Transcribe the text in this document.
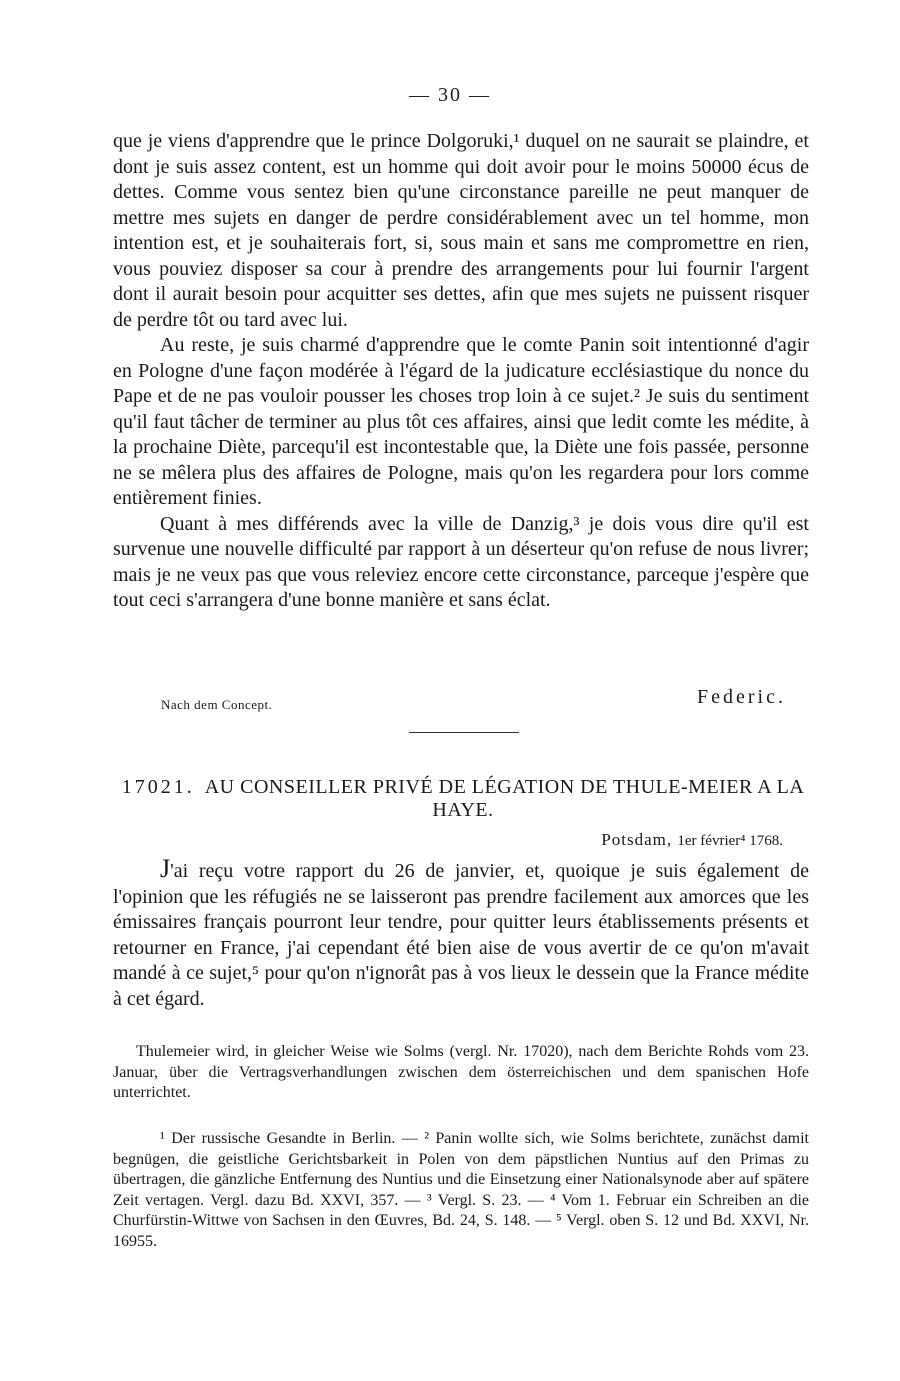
— 30 —

que je viens d'apprendre que le prince Dolgoruki,¹ duquel on ne saurait se plaindre, et dont je suis assez content, est un homme qui doit avoir pour le moins 50000 écus de dettes. Comme vous sentez bien qu'une circonstance pareille ne peut manquer de mettre mes sujets en danger de perdre considérablement avec un tel homme, mon intention est, et je souhaiterais fort, si, sous main et sans me compromettre en rien, vous pouviez disposer sa cour à prendre des arrangements pour lui fournir l'argent dont il aurait besoin pour acquitter ses dettes, afin que mes sujets ne puissent risquer de perdre tôt ou tard avec lui.

Au reste, je suis charmé d'apprendre que le comte Panin soit intentionné d'agir en Pologne d'une façon modérée à l'égard de la judicature ecclésiastique du nonce du Pape et de ne pas vouloir pousser les choses trop loin à ce sujet.² Je suis du sentiment qu'il faut tâcher de terminer au plus tôt ces affaires, ainsi que ledit comte les médite, à la prochaine Diète, parcequ'il est incontestable que, la Diète une fois passée, personne ne se mêlera plus des affaires de Pologne, mais qu'on les regardera pour lors comme entièrement finies.

Quant à mes différends avec la ville de Danzig,³ je dois vous dire qu'il est survenue une nouvelle difficulté par rapport à un déserteur qu'on refuse de nous livrer; mais je ne veux pas que vous releviez encore cette circonstance, parceque j'espère que tout ceci s'arrangera d'une bonne manière et sans éclat.

Nach dem Concept.	Federic.
17021. AU CONSEILLER PRIVÉ DE LÉGATION DE THULE-MEIER A LA HAYE.
Potsdam, 1er février⁴ 1768.

J'ai reçu votre rapport du 26 de janvier, et, quoique je suis également de l'opinion que les réfugiés ne se laisseront pas prendre facilement aux amorces que les émissaires français pourront leur tendre, pour quitter leurs établissements présents et retourner en France, j'ai cependant été bien aise de vous avertir de ce qu'on m'avait mandé à ce sujet,⁵ pour qu'on n'ignorât pas à vos lieux le dessein que la France médite à cet égard.

Thulemeier wird, in gleicher Weise wie Solms (vergl. Nr. 17020), nach dem Berichte Rohds vom 23. Januar, über die Vertragsverhandlungen zwischen dem österreichischen und dem spanischen Hofe unterrichtet.
¹ Der russische Gesandte in Berlin. — ² Panin wollte sich, wie Solms berichtete, zunächst damit begnügen, die geistliche Gerichtsbarkeit in Polen von dem päpstlichen Nuntius auf den Primas zu übertragen, die gänzliche Entfernung des Nuntius und die Einsetzung einer Nationalsynode aber auf spätere Zeit vertagen. Vergl. dazu Bd. XXVI, 357. — ³ Vergl. S. 23. — ⁴ Vom 1. Februar ein Schreiben an die Churfürstin-Wittwe von Sachsen in den Œuvres, Bd. 24, S. 148. — ⁵ Vergl. oben S. 12 und Bd. XXVI, Nr. 16955.
